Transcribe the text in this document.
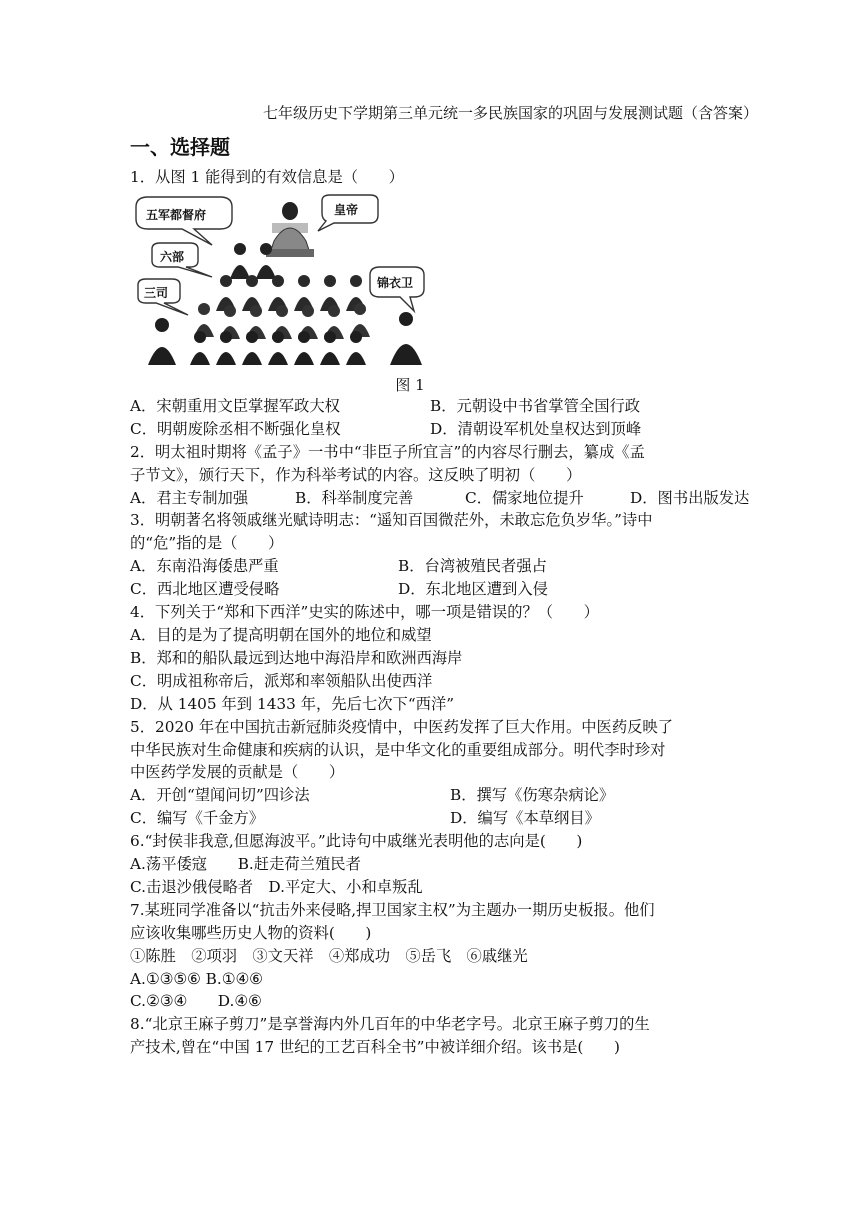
七年级历史下学期第三单元统一多民族国家的巩固与发展测试题（含答案）
一、选择题
1．从图 1 能得到的有效信息是（　　）
五军都督府	皇帝
六部
三司
锦衣卫
图 1
A．宋朝重用文臣掌握军政大权	B．元朝设中书省掌管全国行政
C．明朝废除丞相不断强化皇权	D．清朝设军机处皇权达到顶峰
2．明太祖时期将《孟子》一书中“非臣子所宜言”的内容尽行删去，纂成《孟
子节文》，颁行天下，作为科举考试的内容。这反映了明初（　　）
A．君主专制加强	B．科举制度完善	C．儒家地位提升	D．图书出版发达
3．明朝著名将领戚继光赋诗明志：“遥知百国微茫外，未敢忘危负岁华。”诗中
的“危”指的是（　　）
A．东南沿海倭患严重	B．台湾被殖民者强占
C．西北地区遭受侵略	D．东北地区遭到入侵
4．下列关于“郑和下西洋”史实的陈述中，哪一项是错误的？（　　）
A．目的是为了提高明朝在国外的地位和威望
B．郑和的船队最远到达地中海沿岸和欧洲西海岸
C．明成祖称帝后，派郑和率领船队出使西洋
D．从 1405 年到 1433 年，先后七次下“西洋”
5．2020 年在中国抗击新冠肺炎疫情中，中医药发挥了巨大作用。中医药反映了
中华民族对生命健康和疾病的认识，是中华文化的重要组成部分。明代李时珍对
中医药学发展的贡献是（　　）
A．开创“望闻问切”四诊法	B．撰写《伤寒杂病论》
C．编写《千金方》	D．编写《本草纲目》
6.“封侯非我意,但愿海波平。”此诗句中戚继光表明他的志向是(　　)
A.荡平倭寇　　B.赶走荷兰殖民者
C.击退沙俄侵略者　D.平定大、小和卓叛乱
7.某班同学准备以“抗击外来侵略,捍卫国家主权”为主题办一期历史板报。他们
应该收集哪些历史人物的资料(　　)
①陈胜　②项羽　③文天祥　④郑成功　⑤岳飞　⑥戚继光
A.①③⑤⑥ B.①④⑥
C.②③④　　D.④⑥
8.“北京王麻子剪刀”是享誉海内外几百年的中华老字号。北京王麻子剪刀的生
产技术,曾在“中国 17 世纪的工艺百科全书”中被详细介绍。该书是(　　)
